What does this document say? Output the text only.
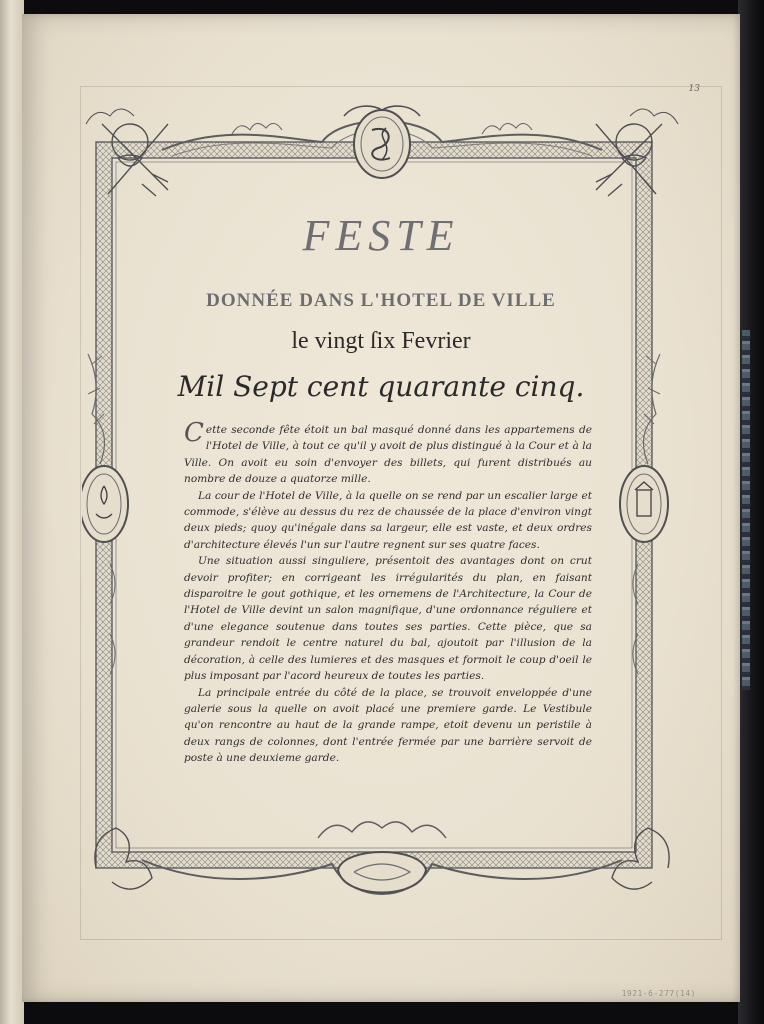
13
1921-6-277(14)
FESTE
DONNÉE DANS L'HOTEL DE VILLE
le vingt ſix Fevrier
Mil Sept cent quarante cinq.

Cette seconde fête étoit un bal masqué donné dans les appartemens de l'Hotel de Ville, à tout ce qu'il y avoit de plus distingué à la Cour et à la Ville. On avoit eu soin d'envoyer des billets, qui furent distribués au nombre de douze a quatorze mille.

La cour de l'Hotel de Ville, à la quelle on se rend par un escalier large et commode, s'élève au dessus du rez de chaussée de la place d'environ vingt deux pieds; quoy qu'inégale dans sa largeur, elle est vaste, et deux ordres d'architecture élevés l'un sur l'autre regnent sur ses quatre faces.

Une situation aussi singuliere, présentoit des avantages dont on crut devoir profiter; en corrigeant les irrégularités du plan, en faisant disparoitre le gout gothique, et les ornemens de l'Architecture, la Cour de l'Hotel de Ville devint un salon magnifique, d'une ordonnance réguliere et d'une elegance soutenue dans toutes ses parties. Cette pièce, que sa grandeur rendoit le centre naturel du bal, ajoutoit par l'illusion de la décoration, à celle des lumieres et des masques et formoit le coup d'oeil le plus imposant par l'acord heureux de toutes les parties.

La principale entrée du côté de la place, se trouvoit enveloppée d'une galerie sous la quelle on avoit placé une premiere garde. Le Vestibule qu'on rencontre au haut de la grande rampe, etoit devenu un peristile à deux rangs de colonnes, dont l'entrée fermée par une barrière servoit de poste à une deuxieme garde.
